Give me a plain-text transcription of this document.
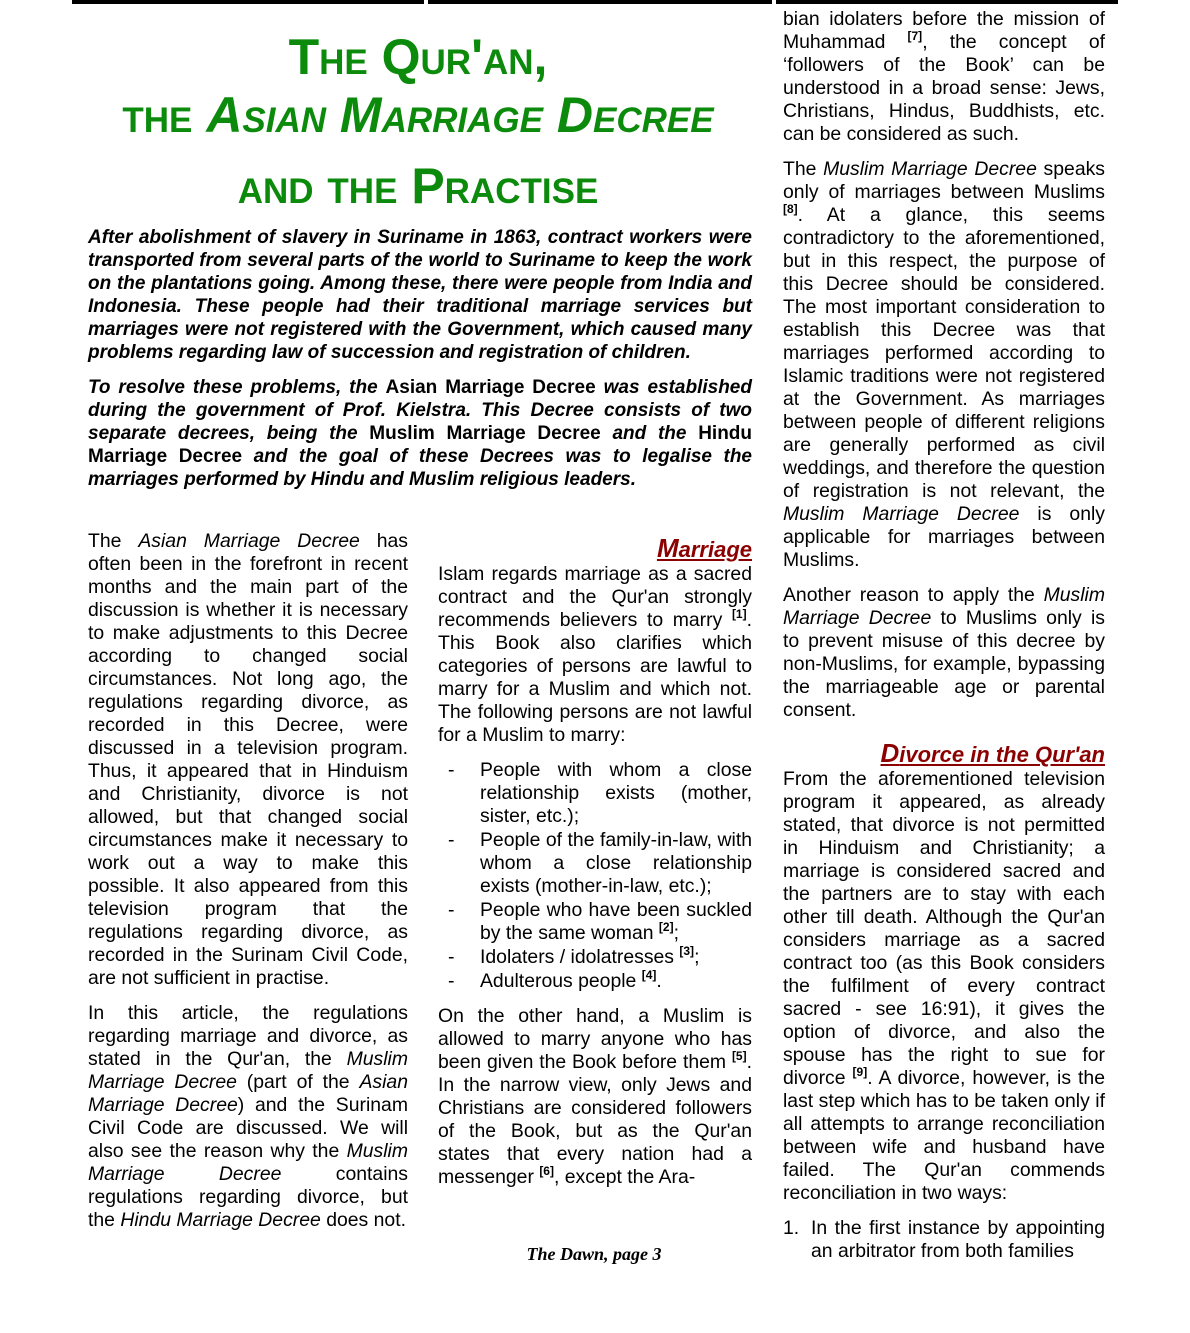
The Qur'an,
the Asian Marriage Decree
and the Practise

After abolishment of slavery in Suriname in 1863, contract workers were transported from several parts of the world to Suriname to keep the work on the plantations going. Among these, there were people from India and Indonesia. These people had their traditional marriage services but marriages were not registered with the Government, which caused many problems regarding law of succession and registration of children.

To resolve these problems, the Asian Marriage Decree was established during the government of Prof. Kielstra. This Decree consists of two separate decrees, being the Muslim Marriage Decree and the Hindu Marriage Decree and the goal of these Decrees was to legalise the marriages performed by Hindu and Muslim religious leaders.

The Asian Marriage Decree has often been in the forefront in recent months and the main part of the discussion is whether it is necessary to make adjustments to this Decree according to changed social circumstances. Not long ago, the regulations regarding divorce, as recorded in this Decree, were discussed in a television program. Thus, it appeared that in Hinduism and Christianity, divorce is not allowed, but that changed social circumstances make it necessary to work out a way to make this possible. It also appeared from this television program that the regulations regarding divorce, as recorded in the Surinam Civil Code, are not sufficient in practise.

In this article, the regulations regarding marriage and divorce, as stated in the Qur'an, the Muslim Marriage Decree (part of the Asian Marriage Decree) and the Surinam Civil Code are discussed. We will also see the reason why the Muslim Marriage Decree contains regulations regarding divorce, but the Hindu Marriage Decree does not.

Marriage

Islam regards marriage as a sacred contract and the Qur'an strongly recommends believers to marry [1]. This Book also clarifies which categories of persons are lawful to marry for a Muslim and which not. The following persons are not lawful for a Muslim to marry:

- People with whom a close relationship exists (mother, sister, etc.);
- People of the family-in-law, with whom a close relationship exists (mother-in-law, etc.);
- People who have been suckled by the same woman [2];
- Idolaters / idolatresses [3];
- Adulterous people [4].

On the other hand, a Muslim is allowed to marry anyone who has been given the Book before them [5]. In the narrow view, only Jews and Christians are considered followers of the Book, but as the Qur'an states that every nation had a messenger [6], except the Ara-

bian idolaters before the mission of Muhammad [7], the concept of ‘followers of the Book’ can be understood in a broad sense: Jews, Christians, Hindus, Buddhists, etc. can be considered as such.

The Muslim Marriage Decree speaks only of marriages between Muslims [8]. At a glance, this seems contradictory to the aforementioned, but in this respect, the purpose of this Decree should be considered. The most important consideration to establish this Decree was that marriages performed according to Islamic traditions were not registered at the Government. As marriages between people of different religions are generally performed as civil weddings, and therefore the question of registration is not relevant, the Muslim Marriage Decree is only applicable for marriages between Muslims.

Another reason to apply the Muslim Marriage Decree to Muslims only is to prevent misuse of this decree by non-Muslims, for example, bypassing the marriageable age or parental consent.

Divorce in the Qur'an

From the aforementioned television program it appeared, as already stated, that divorce is not permitted in Hinduism and Christianity; a marriage is considered sacred and the partners are to stay with each other till death. Although the Qur'an considers marriage as a sacred contract too (as this Book considers the fulfilment of every contract sacred - see 16:91), it gives the option of divorce, and also the spouse has the right to sue for divorce [9]. A divorce, however, is the last step which has to be taken only if all attempts to arrange reconciliation between wife and husband have failed. The Qur'an commends reconciliation in two ways:

1. In the first instance by appointing an arbitrator from both families
The Dawn, page 3
